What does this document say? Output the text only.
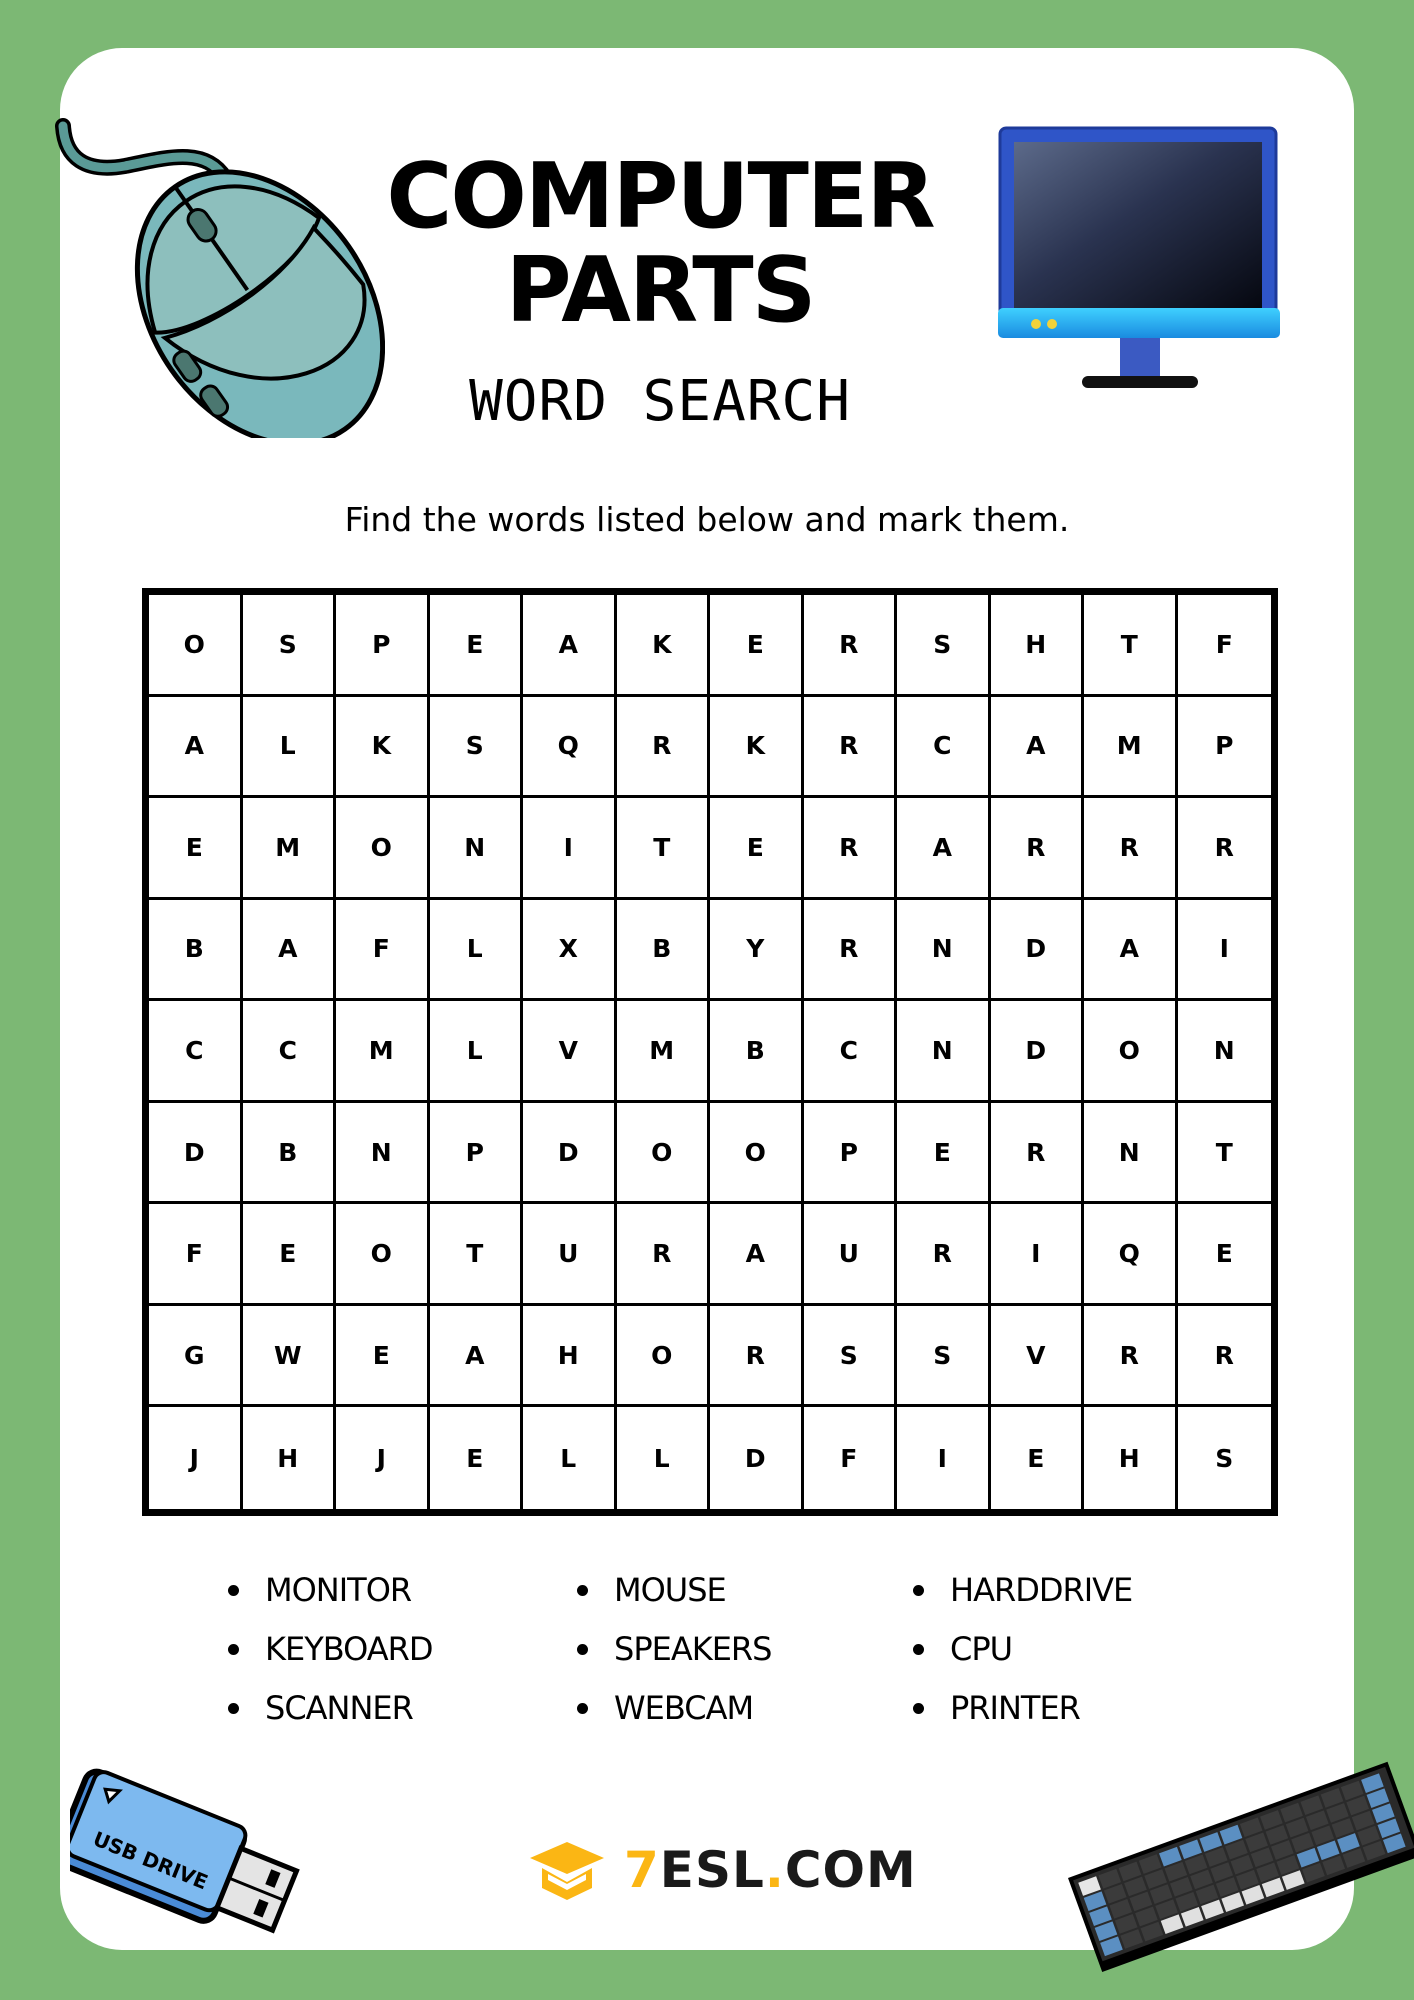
COMPUTER
PARTS
WORD SEARCH
Find the words listed below and mark them.
O	S	P	E	A	K	E	R	S	H	T	F
A	L	K	S	Q	R	K	R	C	A	M	P
E	M	O	N	I	T	E	R	A	R	R	R
B	A	F	L	X	B	Y	R	N	D	A	I
C	C	M	L	V	M	B	C	N	D	O	N
D	B	N	P	D	O	O	P	E	R	N	T
F	E	O	T	U	R	A	U	R	I	Q	E
G	W	E	A	H	O	R	S	S	V	R	R
J	H	J	E	L	L	D	F	I	E	H	S
MONITOR	MOUSE	HARDDRIVE
KEYBOARD	SPEAKERS	CPU
SCANNER	WEBCAM	PRINTER
USB DRIVE	7ESL.COM
